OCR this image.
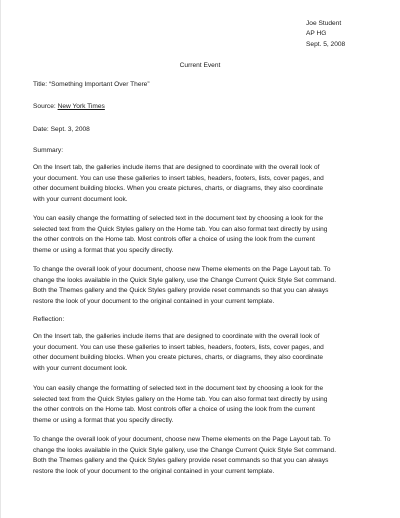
Joe Student
AP HG
Sept. 5, 2008
Current Event
Title: “Something Important Over There”
Source: New York Times
Date: Sept. 3, 2008
Summary:
On the Insert tab, the galleries include items that are designed to coordinate with the overall look of
your document. You can use these galleries to insert tables, headers, footers, lists, cover pages, and
other document building blocks. When you create pictures, charts, or diagrams, they also coordinate
with your current document look.
You can easily change the formatting of selected text in the document text by choosing a look for the
selected text from the Quick Styles gallery on the Home tab. You can also format text directly by using
the other controls on the Home tab. Most controls offer a choice of using the look from the current
theme or using a format that you specify directly.
To change the overall look of your document, choose new Theme elements on the Page Layout tab. To
change the looks available in the Quick Style gallery, use the Change Current Quick Style Set command.
Both the Themes gallery and the Quick Styles gallery provide reset commands so that you can always
restore the look of your document to the original contained in your current template.
Reflection:
On the Insert tab, the galleries include items that are designed to coordinate with the overall look of
your document. You can use these galleries to insert tables, headers, footers, lists, cover pages, and
other document building blocks. When you create pictures, charts, or diagrams, they also coordinate
with your current document look.
You can easily change the formatting of selected text in the document text by choosing a look for the
selected text from the Quick Styles gallery on the Home tab. You can also format text directly by using
the other controls on the Home tab. Most controls offer a choice of using the look from the current
theme or using a format that you specify directly.
To change the overall look of your document, choose new Theme elements on the Page Layout tab. To
change the looks available in the Quick Style gallery, use the Change Current Quick Style Set command.
Both the Themes gallery and the Quick Styles gallery provide reset commands so that you can always
restore the look of your document to the original contained in your current template.
